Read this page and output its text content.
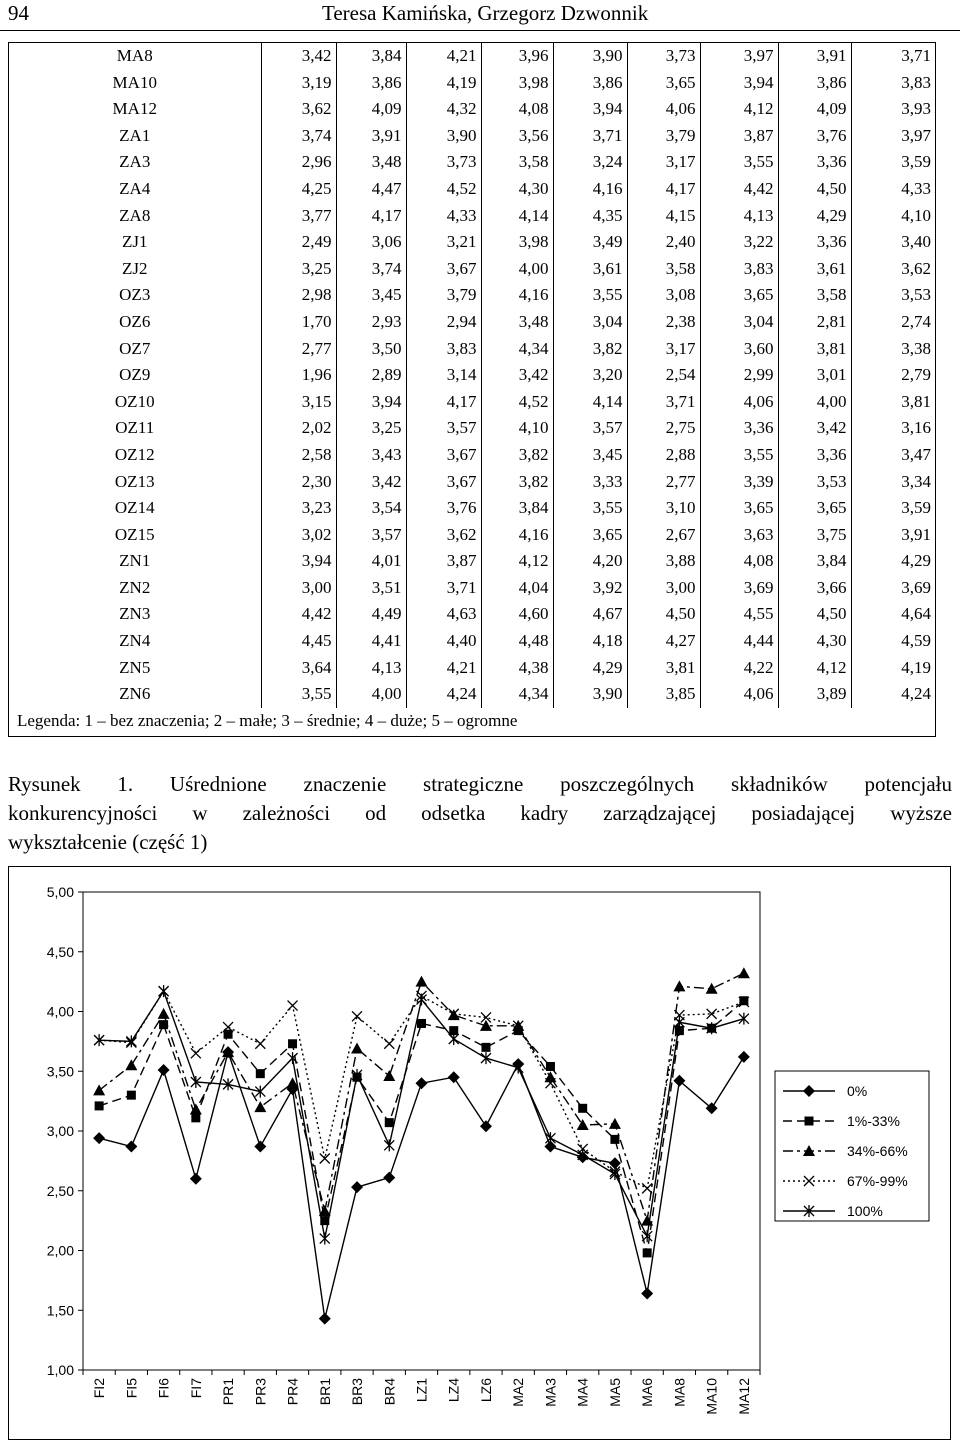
94	Teresa Kamińska, Grzegorz Dzwonnik
MA8	3,42	3,84	4,21	3,96	3,90	3,73	3,97	3,91	3,71
MA10	3,19	3,86	4,19	3,98	3,86	3,65	3,94	3,86	3,83
MA12	3,62	4,09	4,32	4,08	3,94	4,06	4,12	4,09	3,93
ZA1	3,74	3,91	3,90	3,56	3,71	3,79	3,87	3,76	3,97
ZA3	2,96	3,48	3,73	3,58	3,24	3,17	3,55	3,36	3,59
ZA4	4,25	4,47	4,52	4,30	4,16	4,17	4,42	4,50	4,33
ZA8	3,77	4,17	4,33	4,14	4,35	4,15	4,13	4,29	4,10
ZJ1	2,49	3,06	3,21	3,98	3,49	2,40	3,22	3,36	3,40
ZJ2	3,25	3,74	3,67	4,00	3,61	3,58	3,83	3,61	3,62
OZ3	2,98	3,45	3,79	4,16	3,55	3,08	3,65	3,58	3,53
OZ6	1,70	2,93	2,94	3,48	3,04	2,38	3,04	2,81	2,74
OZ7	2,77	3,50	3,83	4,34	3,82	3,17	3,60	3,81	3,38
OZ9	1,96	2,89	3,14	3,42	3,20	2,54	2,99	3,01	2,79
OZ10	3,15	3,94	4,17	4,52	4,14	3,71	4,06	4,00	3,81
OZ11	2,02	3,25	3,57	4,10	3,57	2,75	3,36	3,42	3,16
OZ12	2,58	3,43	3,67	3,82	3,45	2,88	3,55	3,36	3,47
OZ13	2,30	3,42	3,67	3,82	3,33	2,77	3,39	3,53	3,34
OZ14	3,23	3,54	3,76	3,84	3,55	3,10	3,65	3,65	3,59
OZ15	3,02	3,57	3,62	4,16	3,65	2,67	3,63	3,75	3,91
ZN1	3,94	4,01	3,87	4,12	4,20	3,88	4,08	3,84	4,29
ZN2	3,00	3,51	3,71	4,04	3,92	3,00	3,69	3,66	3,69
ZN3	4,42	4,49	4,63	4,60	4,67	4,50	4,55	4,50	4,64
ZN4	4,45	4,41	4,40	4,48	4,18	4,27	4,44	4,30	4,59
ZN5	3,64	4,13	4,21	4,38	4,29	3,81	4,22	4,12	4,19
ZN6	3,55	4,00	4,24	4,34	3,90	3,85	4,06	3,89	4,24
Legenda: 1 – bez znaczenia; 2 – małe; 3 – średnie; 4 – duże; 5 – ogromne
Rysunek 1. Uśrednione znaczenie strategiczne poszczególnych składników potencjału
konkurencyjności w zależności od odsetka kadry zarządzającej posiadającej wyższe
wykształcenie (część 1)
1,00
1,50
2,00
2,50
3,00
3,50
4,00
4,50
5,00
FI2 FI5 FI6 FI7 PR1 PR3 PR4 BR1 BR3 BR4 LZ1 LZ4 LZ6 MA2 MA3 MA4 MA5 MA6 MA8 MA10 MA12
0%
1%-33%
34%-66%
67%-99%
100%
